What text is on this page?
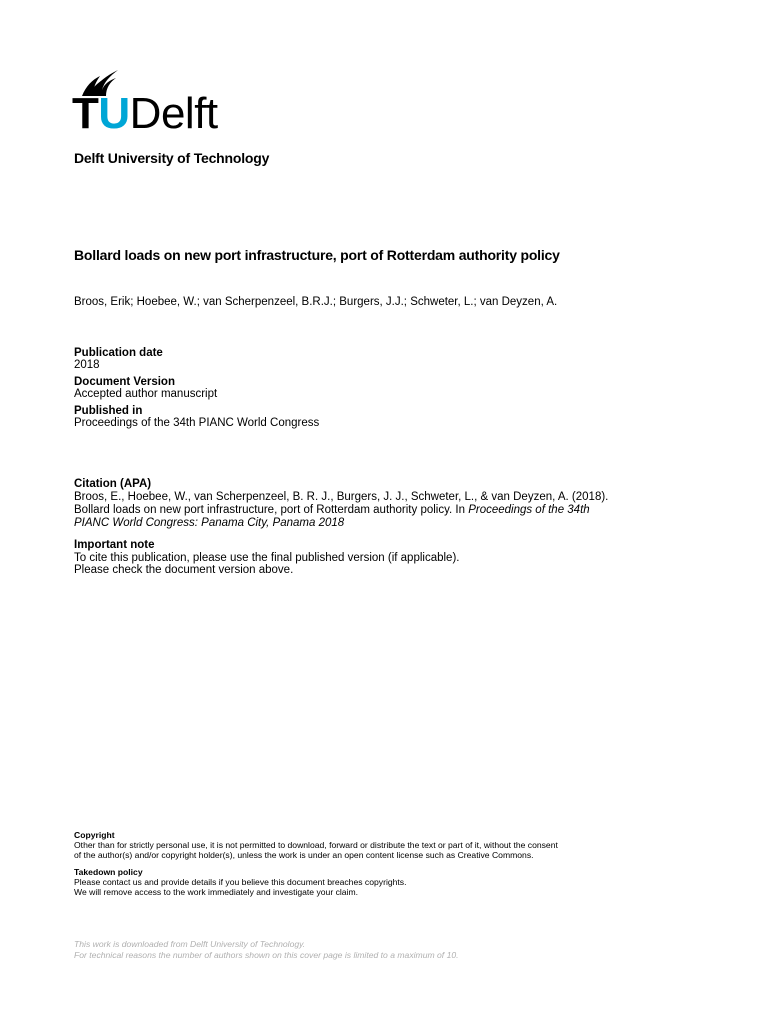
TUDelft
Delft University of Technology
Bollard loads on new port infrastructure, port of Rotterdam authority policy
Broos, Erik; Hoebee, W.; van Scherpenzeel, B.R.J.; Burgers, J.J.; Schweter, L.; van Deyzen, A.
Publication date
2018
Document Version
Accepted author manuscript
Published in
Proceedings of the 34th PIANC World Congress
Citation (APA)
Broos, E., Hoebee, W., van Scherpenzeel, B. R. J., Burgers, J. J., Schweter, L., & van Deyzen, A. (2018).
Bollard loads on new port infrastructure, port of Rotterdam authority policy. In Proceedings of the 34th
PIANC World Congress: Panama City, Panama 2018
Important note
To cite this publication, please use the final published version (if applicable).
Please check the document version above.
Copyright
Other than for strictly personal use, it is not permitted to download, forward or distribute the text or part of it, without the consent
of the author(s) and/or copyright holder(s), unless the work is under an open content license such as Creative Commons.
Takedown policy
Please contact us and provide details if you believe this document breaches copyrights.
We will remove access to the work immediately and investigate your claim.
This work is downloaded from Delft University of Technology.
For technical reasons the number of authors shown on this cover page is limited to a maximum of 10.
